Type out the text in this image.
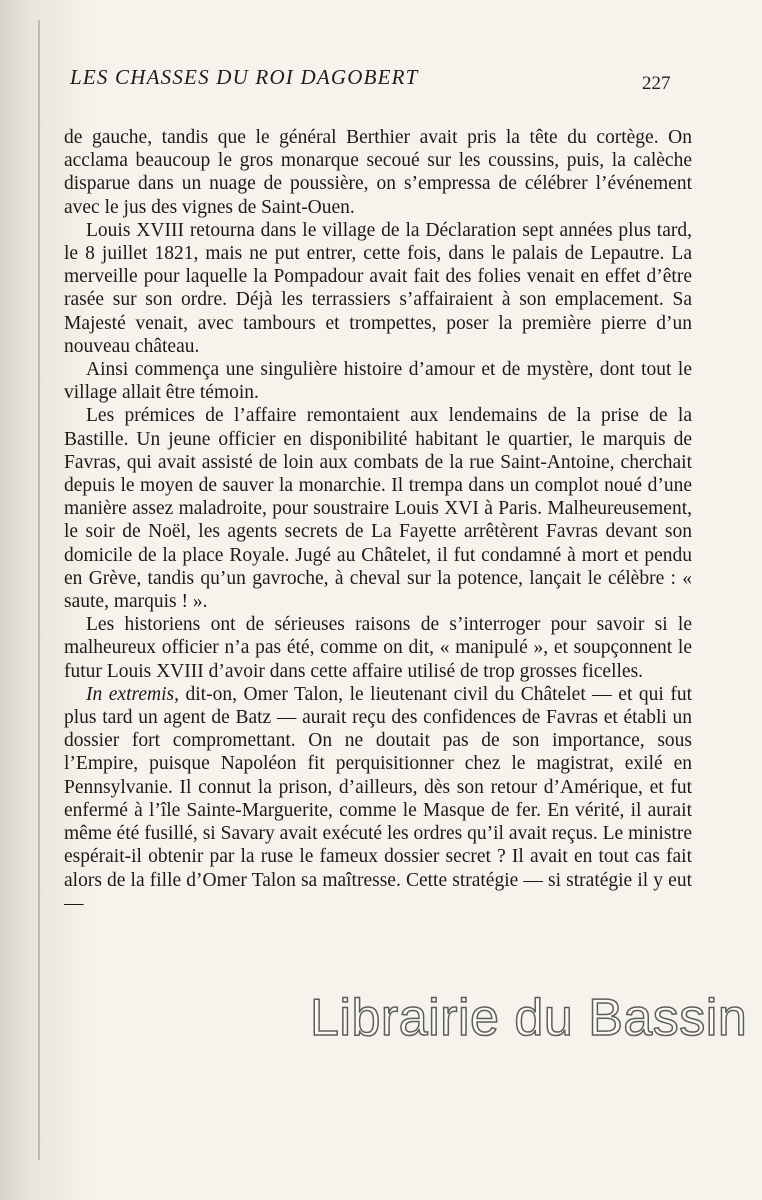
LES CHASSES DU ROI DAGOBERT	227

de gauche, tandis que le général Berthier avait pris la tête du cortège. On acclama beaucoup le gros monarque secoué sur les coussins, puis, la calèche disparue dans un nuage de poussière, on s’empressa de célébrer l’événement avec le jus des vignes de Saint-Ouen.

Louis XVIII retourna dans le village de la Déclaration sept années plus tard, le 8 juillet 1821, mais ne put entrer, cette fois, dans le palais de Lepautre. La merveille pour laquelle la Pompadour avait fait des folies venait en effet d’être rasée sur son ordre. Déjà les terrassiers s’affairaient à son emplacement. Sa Majesté venait, avec tambours et trompettes, poser la première pierre d’un nouveau château.

Ainsi commença une singulière histoire d’amour et de mystère, dont tout le village allait être témoin.

Les prémices de l’affaire remontaient aux lendemains de la prise de la Bastille. Un jeune officier en disponibilité habitant le quartier, le marquis de Favras, qui avait assisté de loin aux combats de la rue Saint-Antoine, cherchait depuis le moyen de sauver la monarchie. Il trempa dans un complot noué d’une manière assez maladroite, pour soustraire Louis XVI à Paris. Malheureusement, le soir de Noël, les agents secrets de La Fayette arrêtèrent Favras devant son domicile de la place Royale. Jugé au Châtelet, il fut condamné à mort et pendu en Grève, tandis qu’un gavroche, à cheval sur la potence, lançait le célèbre : « saute, marquis ! ».

Les historiens ont de sérieuses raisons de s’interroger pour savoir si le malheureux officier n’a pas été, comme on dit, « manipulé », et soupçonnent le futur Louis XVIII d’avoir dans cette affaire utilisé de trop grosses ficelles.

In extremis, dit-on, Omer Talon, le lieutenant civil du Châtelet — et qui fut plus tard un agent de Batz — aurait reçu des confidences de Favras et établi un dossier fort compromettant. On ne doutait pas de son importance, sous l’Empire, puisque Napoléon fit perquisitionner chez le magistrat, exilé en Pennsylvanie. Il connut la prison, d’ailleurs, dès son retour d’Amérique, et fut enfermé à l’île Sainte-Marguerite, comme le Masque de fer. En vérité, il aurait même été fusillé, si Savary avait exécuté les ordres qu’il avait reçus. Le ministre espérait-il obtenir par la ruse le fameux dossier secret ? Il avait en tout cas fait alors de la fille d’Omer Talon sa maîtresse. Cette stratégie — si stratégie il y eut —

Librairie du Bassin
